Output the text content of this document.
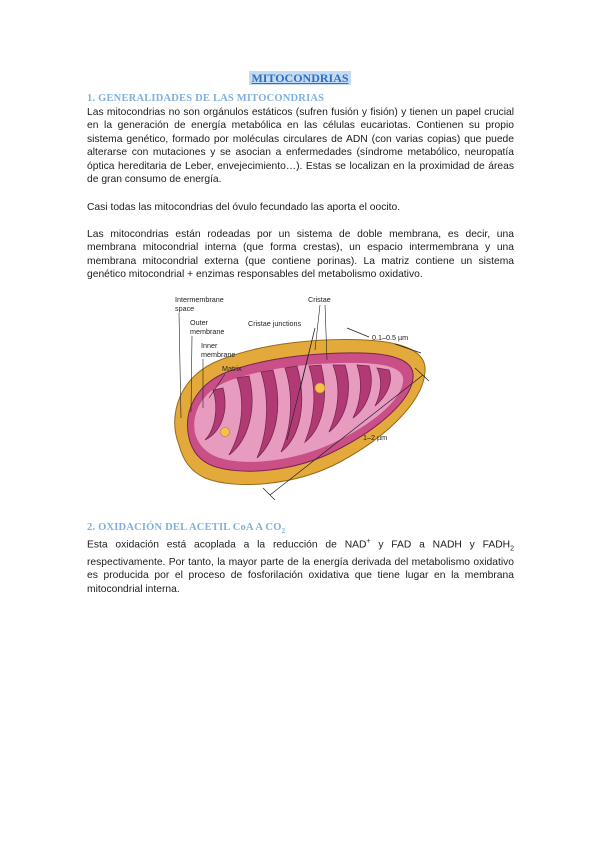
MITOCONDRIAS
1. GENERALIDADES DE LAS MITOCONDRIAS
Las mitocondrias no son orgánulos estáticos (sufren fusión y fisión) y tienen un papel crucial en la generación de energía metabólica en las células eucariotas. Contienen su propio sistema genético, formado por moléculas circulares de ADN (con varias copias) que puede alterarse con mutaciones y se asocian a enfermedades (síndrome metabólico, neuropatía óptica hereditaria de Leber, envejecimiento…). Estas se localizan en la proximidad de áreas de gran consumo de energía.
Casi todas las mitocondrias del óvulo fecundado las aporta el oocito.
Las mitocondrias están rodeadas por un sistema de doble membrana, es decir, una membrana mitocondrial interna (que forma crestas), un espacio intermembrana y una membrana mitocondrial externa (que contiene porinas). La matriz contiene un sistema genético mitocondrial + enzimas responsables del metabolismo oxidativo.
Intermembrane
space
Outer
membrane
Inner
membrane
Matrix
Cristae
Cristae junctions
0.1–0.5 µm
1–2 µm
2. OXIDACIÓN DEL ACETIL CoA A $CO_2$
Esta oxidación está acoplada a la reducción de NAD+ y FAD a NADH y $FADH_2$ respectivamente. Por tanto, la mayor parte de la energía derivada del metabolismo oxidativo es producida por el proceso de fosforilación oxidativa que tiene lugar en la membrana mitocondrial interna.
